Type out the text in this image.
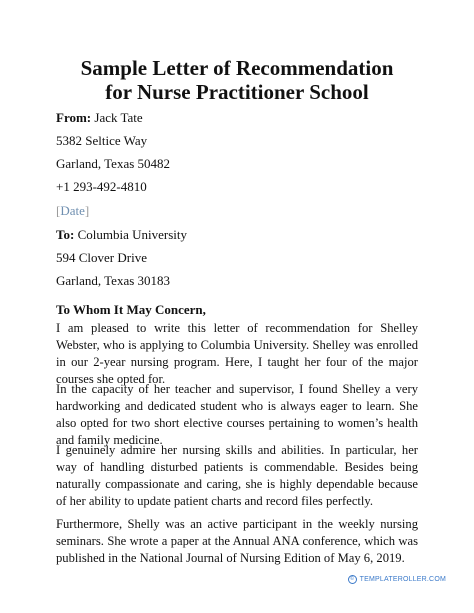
Sample Letter of Recommendation
for Nurse Practitioner School
From: Jack Tate
5382 Seltice Way
Garland, Texas 50482
+1 293-492-4810
[Date]
To: Columbia University
594 Clover Drive
Garland, Texas 30183
To Whom It May Concern,
I am pleased to write this letter of recommendation for Shelley Webster, who is applying to Columbia University. Shelley was enrolled in our 2-year nursing program. Here, I taught her four of the major courses she opted for.
In the capacity of her teacher and supervisor, I found Shelley a very hardworking and dedicated student who is always eager to learn. She also opted for two short elective courses pertaining to women’s health and family medicine.
I genuinely admire her nursing skills and abilities. In particular, her way of handling disturbed patients is commendable. Besides being naturally compassionate and caring, she is highly dependable because of her ability to update patient charts and record files perfectly.
Furthermore, Shelly was an active participant in the weekly nursing seminars. She wrote a paper at the Annual ANA conference, which was published in the National Journal of Nursing Edition of May 6, 2019.
© TEMPLATEROLLER.COM
